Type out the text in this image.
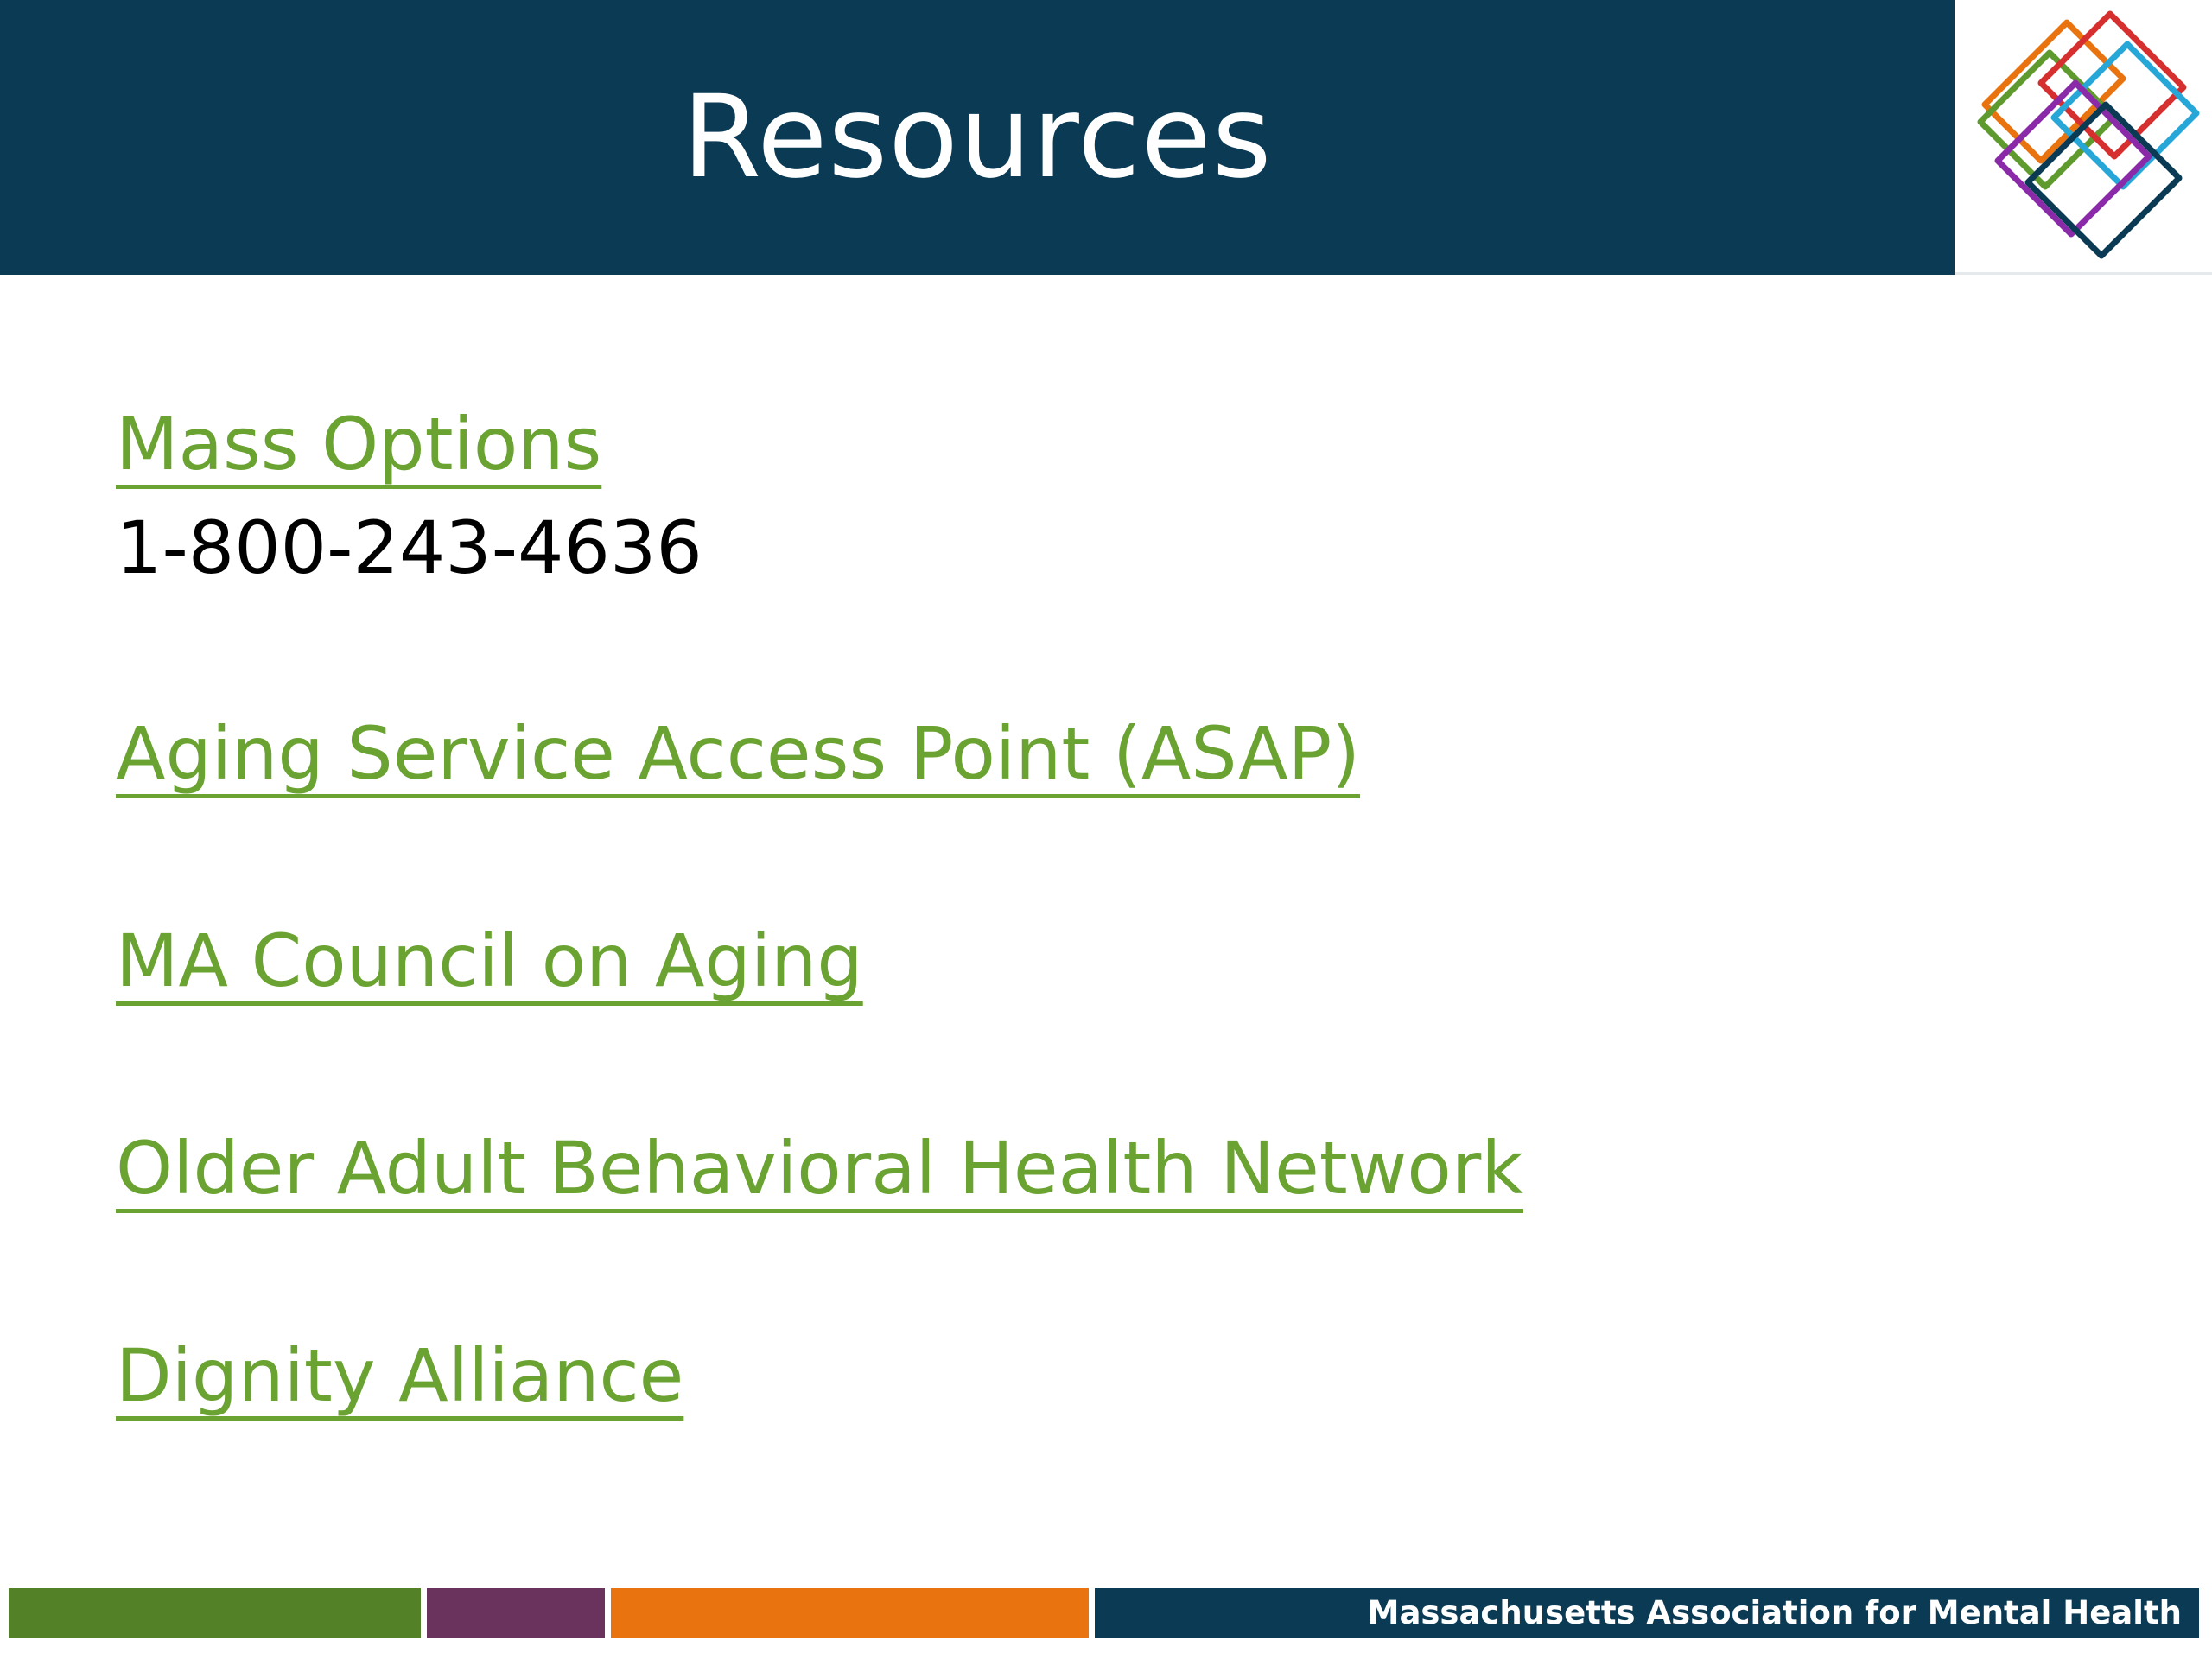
Resources
Mass Options
1-800-243-4636
Aging Service Access Point (ASAP)
MA Council on Aging
Older Adult Behavioral Health Network
Dignity Alliance
Massachusetts Association for Mental Health
